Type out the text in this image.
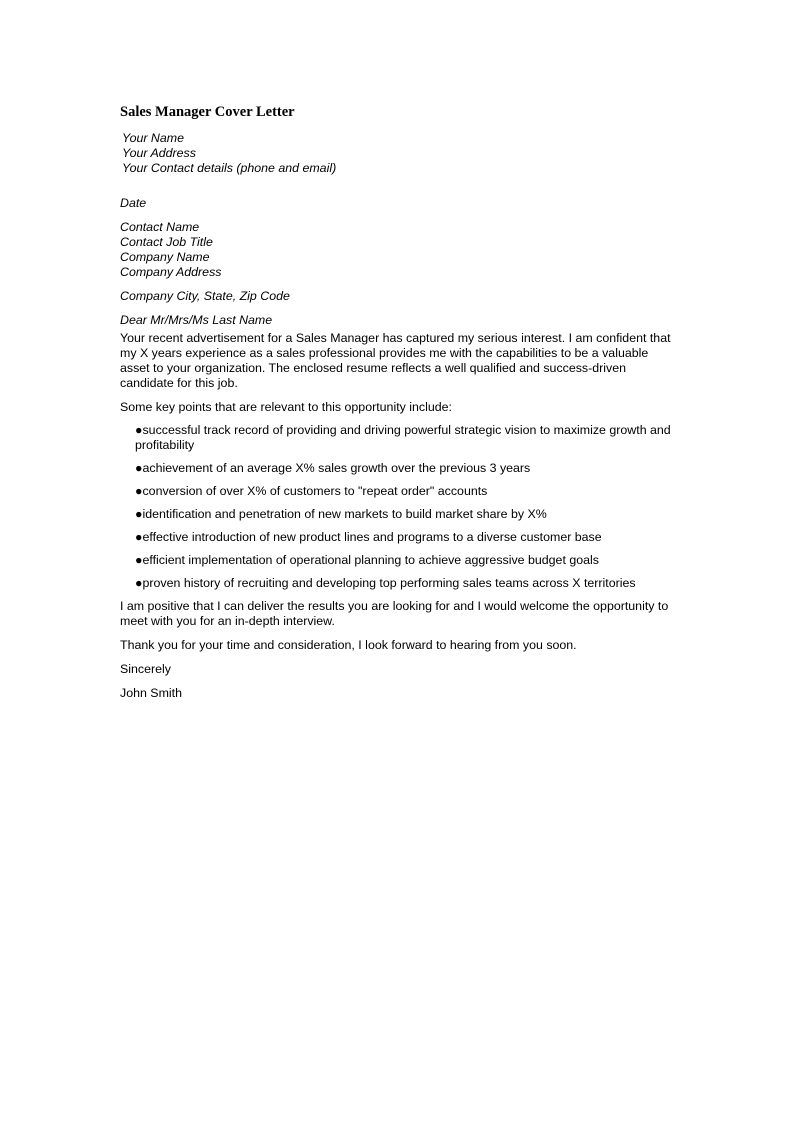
Sales Manager Cover Letter

Your Name

Your Address

Your Contact details (phone and email)

Date

Contact Name

Contact Job Title

Company Name

Company Address

Company City, State, Zip Code

Dear Mr/Mrs/Ms Last Name

Your recent advertisement for a Sales Manager has captured my serious interest. I am confident that my X years experience as a sales professional provides me with the capabilities to be a valuable asset to your organization. The enclosed resume reflects a well qualified and success-driven candidate for this job.

Some key points that are relevant to this opportunity include:

●successful track record of providing and driving powerful strategic vision to maximize growth and profitability
●achievement of an average X% sales growth over the previous 3 years
●conversion of over X% of customers to "repeat order" accounts
●identification and penetration of new markets to build market share by X%
●effective introduction of new product lines and programs to a diverse customer base
●efficient implementation of operational planning to achieve aggressive budget goals
●proven history of recruiting and developing top performing sales teams across X territories

I am positive that I can deliver the results you are looking for and I would welcome the opportunity to meet with you for an in-depth interview.

Thank you for your time and consideration, I look forward to hearing from you soon.

Sincerely

John Smith
